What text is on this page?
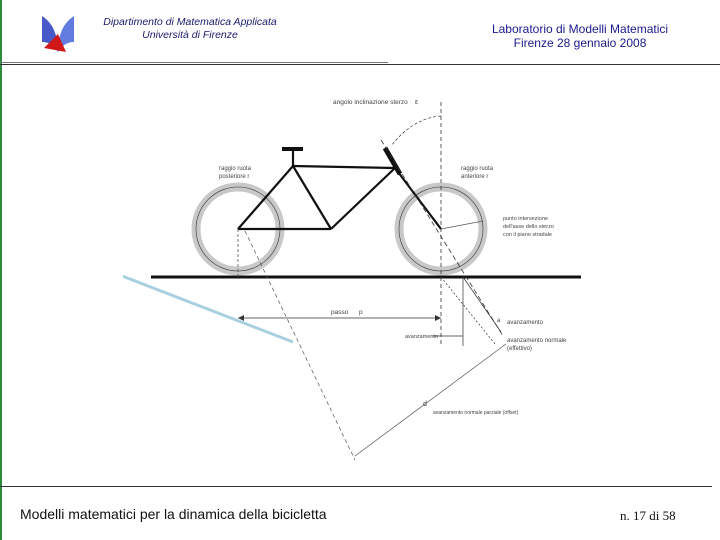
Dipartimento di Matematica Applicata
Università di Firenze	Laboratorio di Modelli Matematici
Firenze 28 gennaio 2008
angolo inclinazione sterzo ε
raggio ruota
posteriore r
raggio ruota
anteriore r
punto intersezione
dell'asse dello sterzo
con il piano stradale
passo p
avanzamento
a avanzamento
avanzamento normale
(effettivo)
d
avanzamento normale parziale (offset)
Modelli matematici per la dinamica della bicicletta	n. 17 di 58
